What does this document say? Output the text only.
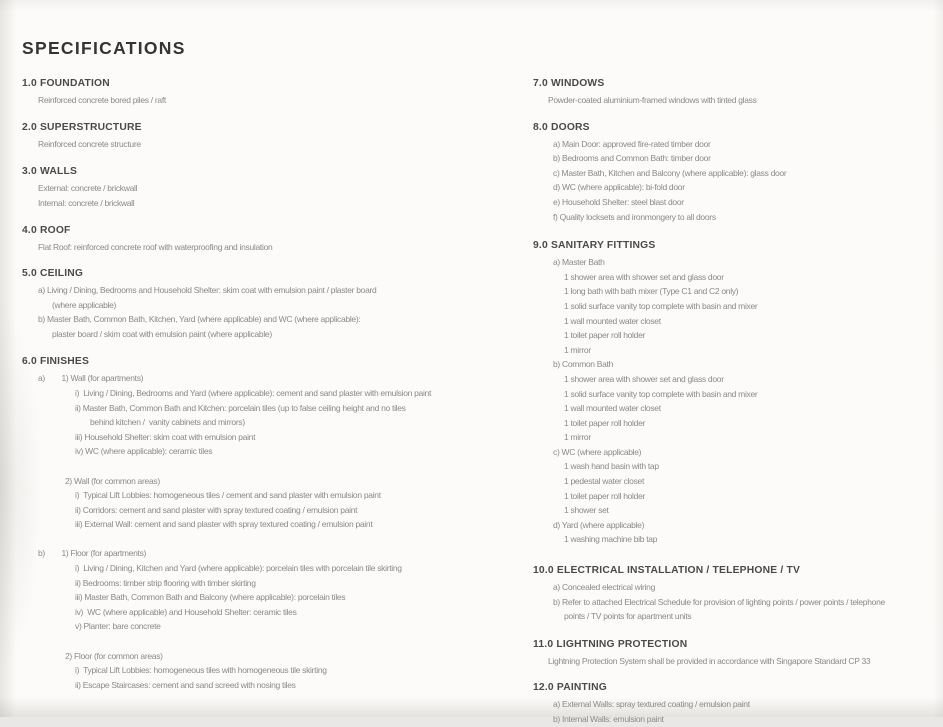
SPECIFICATIONS
1.0 FOUNDATION
Reinforced concrete bored piles / raft
2.0 SUPERSTRUCTURE
Reinforced concrete structure
3.0 WALLS
External: concrete / brickwall
Internal: concrete / brickwall
4.0 ROOF
Flat Roof: reinforced concrete roof with waterproofing and insulation
5.0 CEILING
a) Living / Dining, Bedrooms and Household Shelter: skim coat with emulsion paint / plaster board
(where applicable)
b) Master Bath, Common Bath, Kitchen, Yard (where applicable) and WC (where applicable):
plaster board / skim coat with emulsion paint (where applicable)
6.0 FINISHES
a)        1) Wall (for apartments)
i)  Living / Dining, Bedrooms and Yard (where applicable): cement and sand plaster with emulsion paint
ii) Master Bath, Common Bath and Kitchen: porcelain tiles (up to false ceiling height and no tiles
behind kitchen /  vanity cabinets and mirrors)
iii) Household Shelter: skim coat with emulsion paint
iv) WC (where applicable): ceramic tiles
2) Wall (for common areas)
i)  Typical Lift Lobbies: homogeneous tiles / cement and sand plaster with emulsion paint
ii) Corridors: cement and sand plaster with spray textured coating / emulsion paint
iii) External Wall: cement and sand plaster with spray textured coating / emulsion paint
b)        1) Floor (for apartments)
i)  Living / Dining, Kitchen and Yard (where applicable): porcelain tiles with porcelain tile skirting
ii) Bedrooms: timber strip flooring with timber skirting
iii) Master Bath, Common Bath and Balcony (where applicable): porcelain tiles
iv)  WC (where applicable) and Household Shelter: ceramic tiles
v) Planter: bare concrete
2) Floor (for common areas)
i)  Typical Lift Lobbies: homogeneous tiles with homogeneous tile skirting
ii) Escape Staircases: cement and sand screed with nosing tiles
7.0 WINDOWS
Powder-coated aluminium-framed windows with tinted glass
8.0 DOORS
a) Main Door: approved fire-rated timber door
b) Bedrooms and Common Bath: timber door
c) Master Bath, Kitchen and Balcony (where applicable): glass door
d) WC (where applicable): bi-fold door
e) Household Shelter: steel blast door
f) Quality locksets and ironmongery to all doors
9.0 SANITARY FITTINGS
a) Master Bath
1 shower area with shower set and glass door
1 long bath with bath mixer (Type C1 and C2 only)
1 solid surface vanity top complete with basin and mixer
1 wall mounted water closet
1 toilet paper roll holder
1 mirror
b) Common Bath
1 shower area with shower set and glass door
1 solid surface vanity top complete with basin and mixer
1 wall mounted water closet
1 toilet paper roll holder
1 mirror
c) WC (where applicable)
1 wash hand basin with tap
1 pedestal water closet
1 toilet paper roll holder
1 shower set
d) Yard (where applicable)
1 washing machine bib tap
10.0 ELECTRICAL INSTALLATION / TELEPHONE / TV
a) Concealed electrical wiring
b) Refer to attached Electrical Schedule for provision of lighting points / power points / telephone
points / TV points for apartment units
11.0 LIGHTNING PROTECTION
Lightning Protection System shall be provided in accordance with Singapore Standard CP 33
12.0 PAINTING
a) External Walls: spray textured coating / emulsion paint
b) Internal Walls: emulsion paint
